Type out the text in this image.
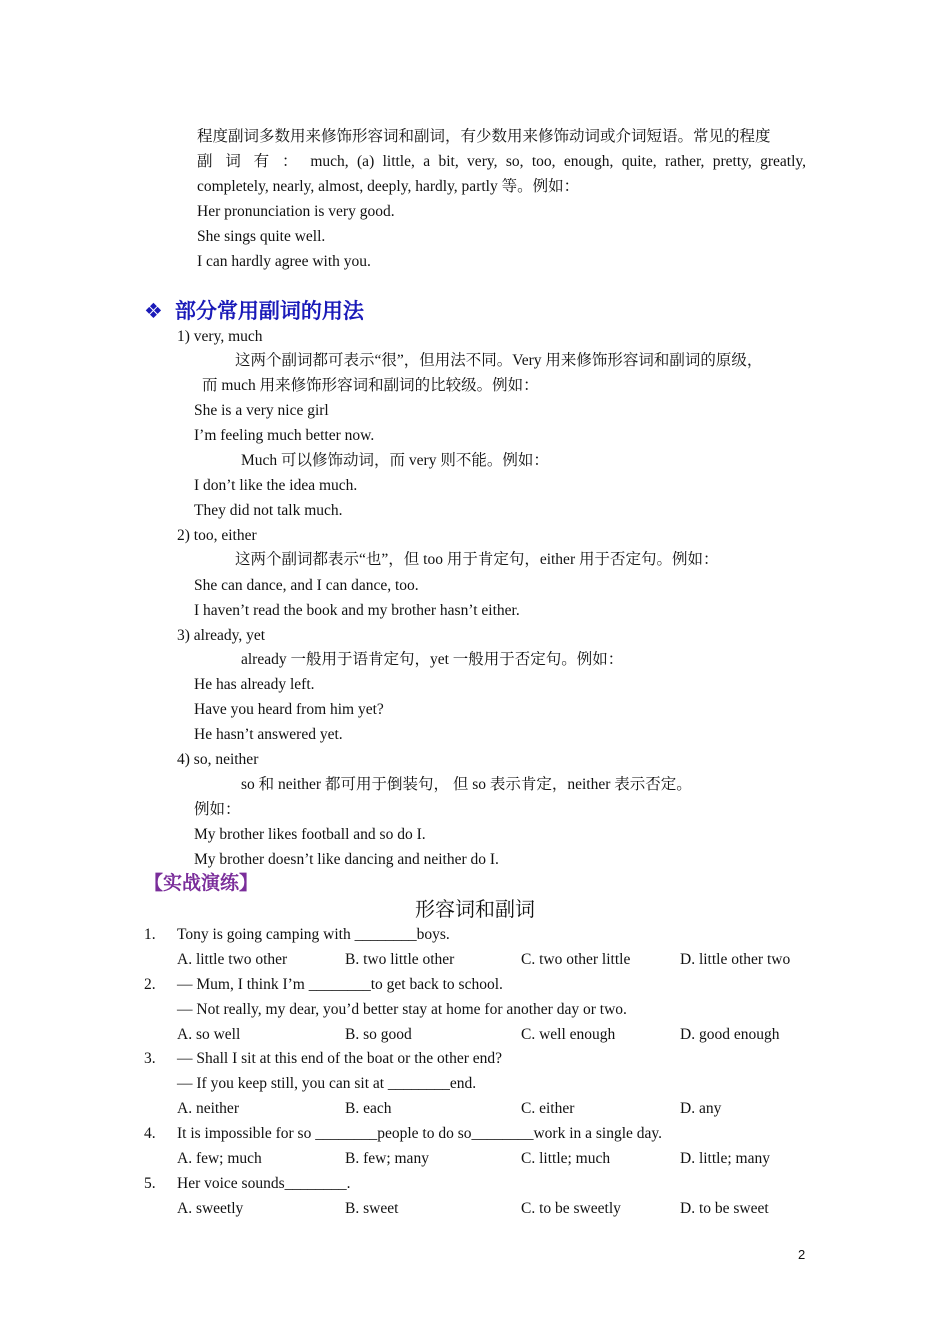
程度副词多数用来修饰形容词和副词，有少数用来修饰动词或介词短语。常见的程度
副 词 有 ： much, (a) little, a bit, very, so, too, enough, quite, rather, pretty, greatly,
completely, nearly, almost, deeply, hardly, partly 等。例如：
Her pronunciation is very good.
She sings quite well.
I can hardly agree with you.
❖ 部分常用副词的用法
1) very, much
这两个副词都可表示“很”，但用法不同。Very 用来修饰形容词和副词的原级，
而 much 用来修饰形容词和副词的比较级。例如：
She is a very nice girl
I’m feeling much better now.
Much 可以修饰动词，而 very 则不能。例如：
I don’t like the idea much.
They did not talk much.
2) too, either
这两个副词都表示“也”，但 too 用于肯定句，either 用于否定句。例如：
She can dance, and I can dance, too.
I haven’t read the book and my brother hasn’t either.
3) already, yet
already 一般用于语肯定句，yet 一般用于否定句。例如：
He has already left.
Have you heard from him yet?
He hasn’t answered yet.
4) so, neither
so 和 neither 都可用于倒装句， 但 so 表示肯定，neither 表示否定。
例如：
My brother likes football and so do I.
My brother doesn’t like dancing and neither do I.
【实战演练】
形容词和副词
1. Tony is going camping with ________boys.
A. little two other	B. two little other	C. two other little	D. little other two
2. — Mum, I think I’m ________to get back to school.
— Not really, my dear, you’d better stay at home for another day or two.
A. so well	B. so good	C. well enough	D. good enough
3. — Shall I sit at this end of the boat or the other end?
— If you keep still, you can sit at ________end.
A. neither	B. each	C. either	D. any
4. It is impossible for so ________people to do so________work in a single day.
A. few; much	B. few; many	C. little; much	D. little; many
5. Her voice sounds________.
A. sweetly	B. sweet	C. to be sweetly	D. to be sweet
2
